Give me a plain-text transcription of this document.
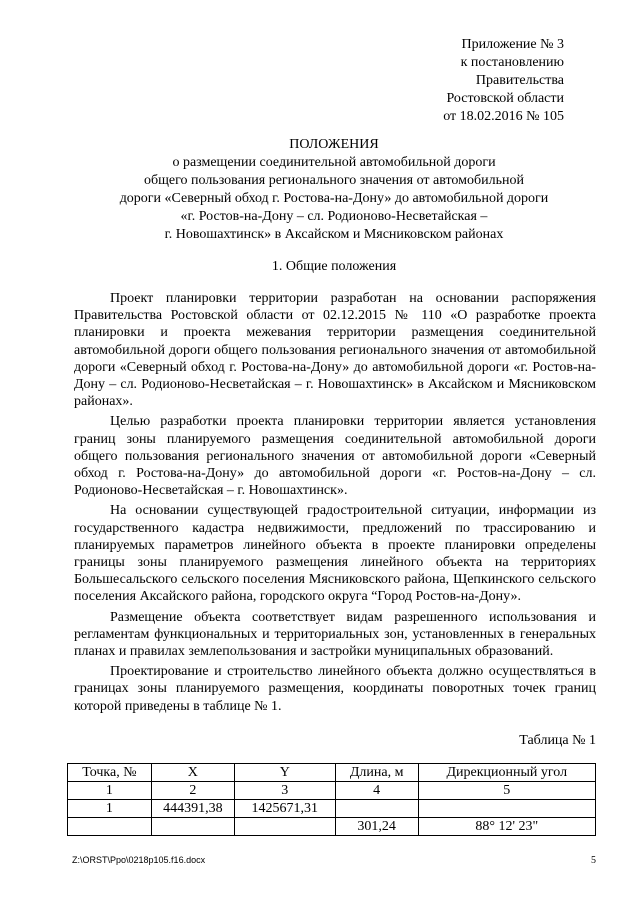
Приложение № 3
к постановлению
Правительства
Ростовской области
от 18.02.2016 № 105
ПОЛОЖЕНИЯ
о размещении соединительной автомобильной дороги
общего пользования регионального значения от автомобильной
дороги «Северный обход г. Ростова-на-Дону» до автомобильной дороги
«г. Ростов-на-Дону – сл. Родионово-Несветайская –
г. Новошахтинск» в Аксайском и Мясниковском районах
1. Общие положения

Проект планировки территории разработан на основании распоряжения Правительства Ростовской области от 02.12.2015 № 110 «О разработке проекта планировки и проекта межевания территории размещения соединительной автомобильной дороги общего пользования регионального значения от автомобильной дороги «Северный обход г. Ростова-на-Дону» до автомобильной дороги «г. Ростов-на-Дону – сл. Родионово-Несветайская – г. Новошахтинск» в Аксайском и Мясниковском районах».

Целью разработки проекта планировки территории является установления границ зоны планируемого размещения соединительной автомобильной дороги общего пользования регионального значения от автомобильной дороги «Северный обход г. Ростова-на-Дону» до автомобильной дороги «г. Ростов-на-Дону – сл. Родионово-Несветайская – г. Новошахтинск».

На основании существующей градостроительной ситуации, информации из государственного кадастра недвижимости, предложений по трассированию и планируемых параметров линейного объекта в проекте планировки определены границы зоны планируемого размещения линейного объекта на территориях Большесальского сельского поселения Мясниковского района, Щепкинского сельского поселения Аксайского района, городского округа “Город Ростов-на-Дону».

Размещение объекта соответствует видам разрешенного использования и регламентам функциональных и территориальных зон, установленных в генеральных планах и правилах землепользования и застройки муниципальных образований.

Проектирование и строительство линейного объекта должно осуществляться в границах зоны планируемого размещения, координаты поворотных точек границ которой приведены в таблице № 1.

Таблица № 1
Точка, №	X	Y	Длина, м	Дирекционный угол
1	2	3	4	5
1	444391,38	1425671,31		
			301,24	88° 12' 23"
Z:\ORST\Ppo\0218p105.f16.docx	5
